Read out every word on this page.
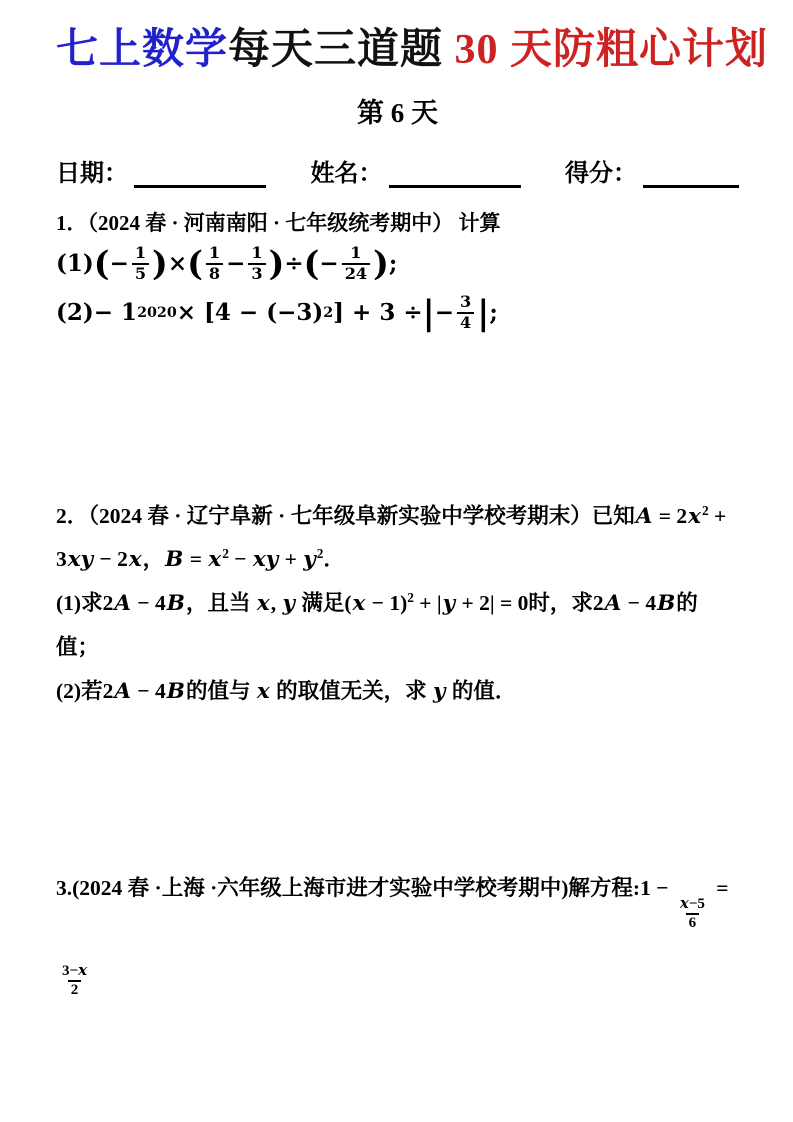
七上数学每天三道题 30 天防粗心计划
第 6 天
日期：	姓名：	得分：
1．（2024 春 · 河南南阳 · 七年级统考期中） 计算
(1) ( − $\frac{1}{5}$ ) × ( 1
$8 - \frac{1}{3}$ ) ÷ ( − $\frac{1}{24}$ ) ;
(2) − 1 2020 × [4 − (−3) 2 ] + 3 ÷ | − $\frac{3}{4}$ | ;
2．（2024 春 · 辽宁阜新 · 七年级阜新实验中学校考期末）已知$A = 2x^2 + 3xy - 2x$，$B = x^2$ − xy + $y^2$．
(1)求2A − 4B，且当 x, y 满足$(x - 1)^2 + |y + 2| = 0$时，求2A − 4B的值；
(2)若2A − 4B的值与 x 的取值无关，求 y 的值．
3.(2024 春 ·上海 ·六年级上海市进才实验中学校考期中)解方程:1 −
$\frac{x-5}{6}$
=

$\frac{3-x}{2}$
